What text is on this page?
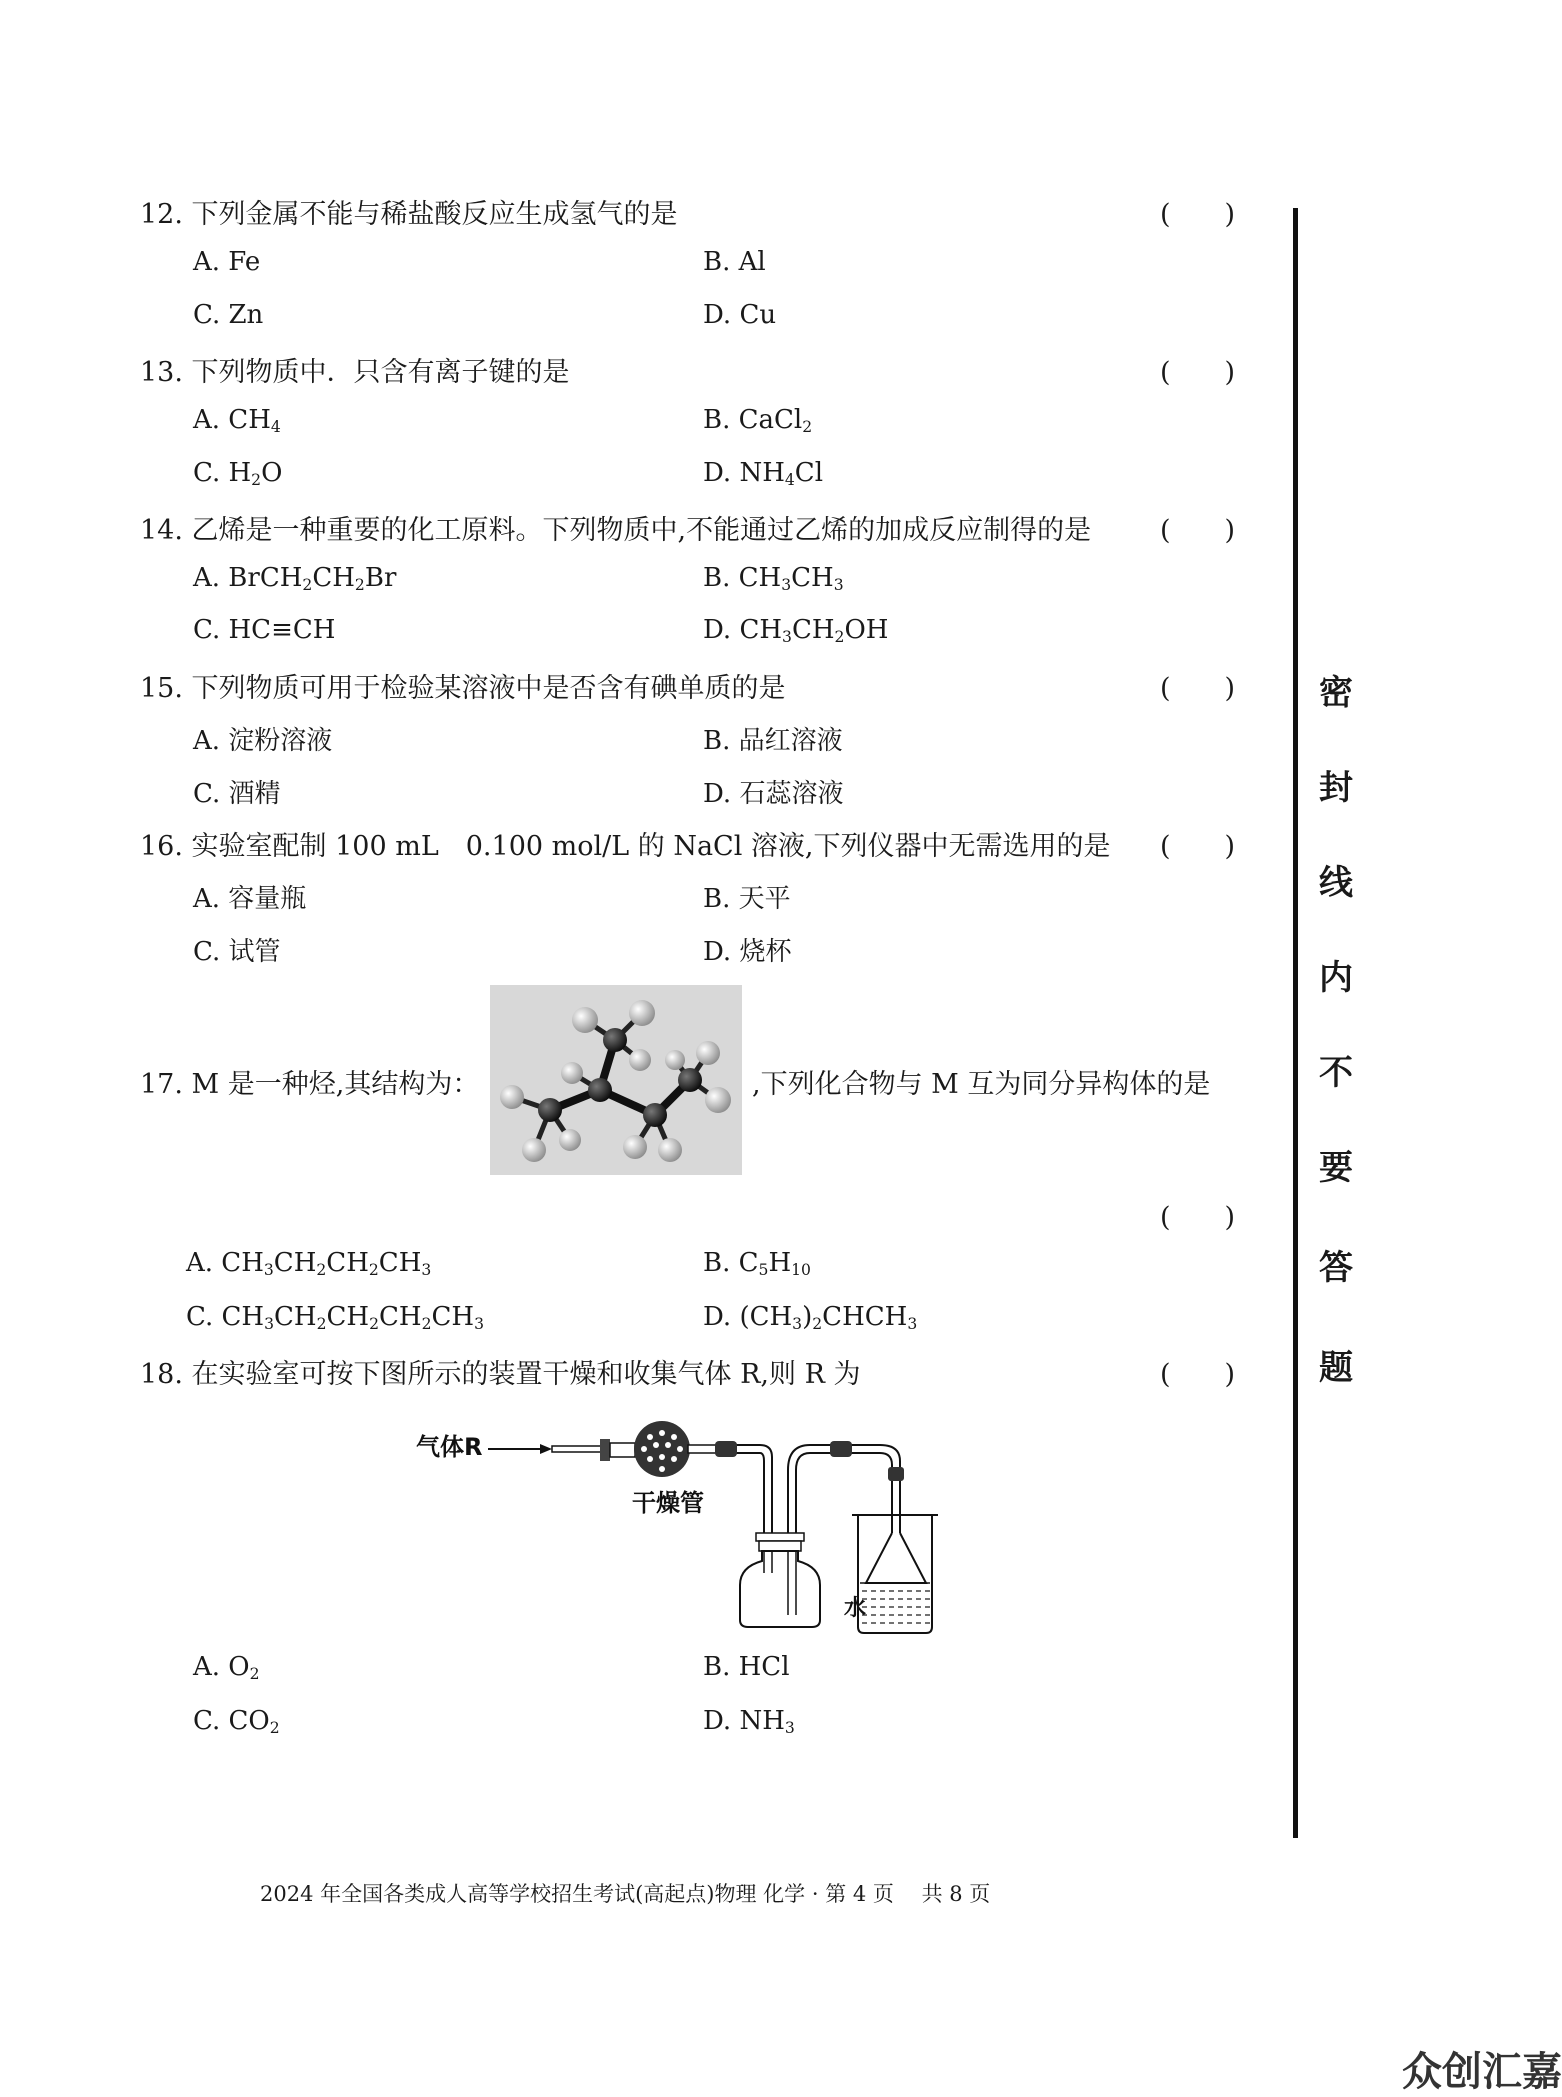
12. 下列金属不能与稀盐酸反应生成氢气的是	(　　)
A. Fe	B. Al
C. Zn	D. Cu
13. 下列物质中．只含有离子键的是	(　　)
A. $CH_4$	B. CaCl$_2$
C. $H_2O$	D. $NH_4Cl$
14. 乙烯是一种重要的化工原料。下列物质中,不能通过乙烯的加成反应制得的是	(　　)
A. $BrCH_2CH_2Br$	B. $CH_3CH_3$
C. HC≡CH	D. $CH_3CH_2OH$
15. 下列物质可用于检验某溶液中是否含有碘单质的是	(　　)
A. 淀粉溶液	B. 品红溶液
C. 酒精	D. 石蕊溶液
16. 实验室配制 100 mL　0.100 mol/L 的 NaCl 溶液,下列仪器中无需选用的是 (　　)
A. 容量瓶	B. 天平
C. 试管	D. 烧杯
17. M 是一种烃,其结构为：	,下列化合物与 M 互为同分异构体的是
(　　)
A. $CH_3CH_2CH_2CH_3$	B. $C_5H_{10}$
C. $CH_3CH_2CH_2CH_2CH_3$	D. $(CH_3)_2CHCH_3$
18. 在实验室可按下图所示的装置干燥和收集气体 R,则 R 为	(　　)
气体R
干燥管
水
A. $O_2$	B. HCl
C. $CO_2$	D. $NH_3$
密
封
线
内
不
要
答
题
2024 年全国各类成人高等学校招生考试(高起点)物理 化学 · 第 4 页　 共 8 页
众创汇嘉
